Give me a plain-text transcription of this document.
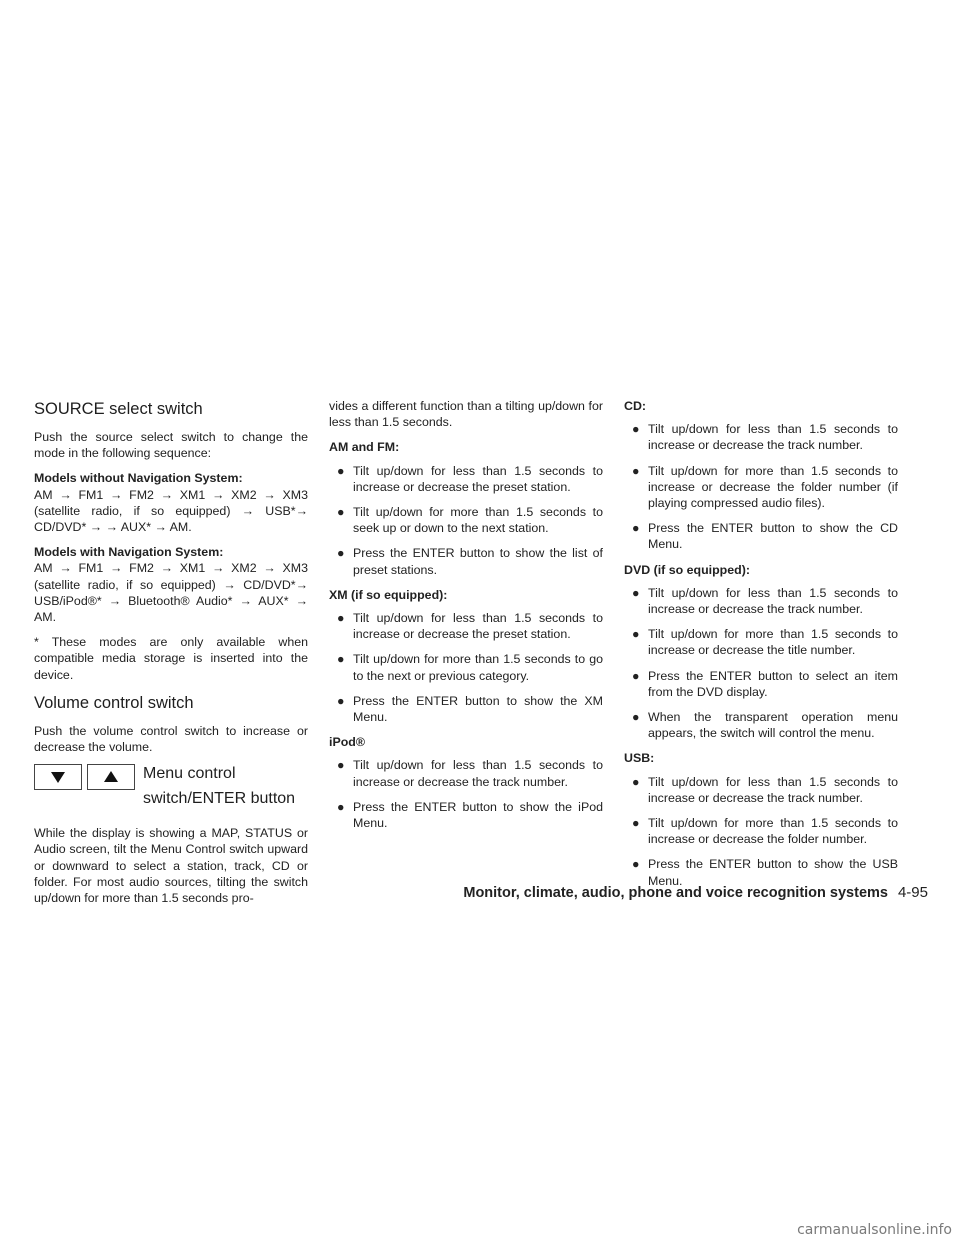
SOURCE select switch

Push the source select switch to change the mode in the following sequence:

Models without Navigation System:
AM → FM1 → FM2 → XM1 → XM2 → XM3 (satellite radio, if so equipped) → USB*→ CD/DVD* → → AUX* → AM.

Models with Navigation System:
AM → FM1 → FM2 → XM1 → XM2 → XM3 (satellite radio, if so equipped) → CD/DVD*→ USB/iPod®* → Bluetooth® Audio* → AUX* → AM.

* These modes are only available when compatible media storage is inserted into the device.

Volume control switch

Push the volume control switch to increase or decrease the volume.

Menu control
switch/ENTER button

While the display is showing a MAP, STATUS or Audio screen, tilt the Menu Control switch upward or downward to select a station, track, CD or folder. For most audio sources, tilting the switch up/down for more than 1.5 seconds pro-

vides a different function than a tilting up/down for less than 1.5 seconds.

AM and FM:
● Tilt up/down for less than 1.5 seconds to increase or decrease the preset station.
● Tilt up/down for more than 1.5 seconds to seek up or down to the next station.
● Press the ENTER button to show the list of preset stations.
XM (if so equipped):
● Tilt up/down for less than 1.5 seconds to increase or decrease the preset station.
● Tilt up/down for more than 1.5 seconds to go to the next or previous category.
● Press the ENTER button to show the XM Menu.
iPod®
● Tilt up/down for less than 1.5 seconds to increase or decrease the track number.
● Press the ENTER button to show the iPod Menu.
CD:
● Tilt up/down for less than 1.5 seconds to increase or decrease the track number.
● Tilt up/down for more than 1.5 seconds to increase or decrease the folder number (if playing compressed audio files).
● Press the ENTER button to show the CD Menu.
DVD (if so equipped):
● Tilt up/down for less than 1.5 seconds to increase or decrease the track number.
● Tilt up/down for more than 1.5 seconds to increase or decrease the title number.
● Press the ENTER button to select an item from the DVD display.
● When the transparent operation menu appears, the switch will control the menu.
USB:
● Tilt up/down for less than 1.5 seconds to increase or decrease the track number.
● Tilt up/down for more than 1.5 seconds to increase or decrease the folder number.
● Press the ENTER button to show the USB Menu.
Monitor, climate, audio, phone and voice recognition systems 4-95
carmanualsonline.info
